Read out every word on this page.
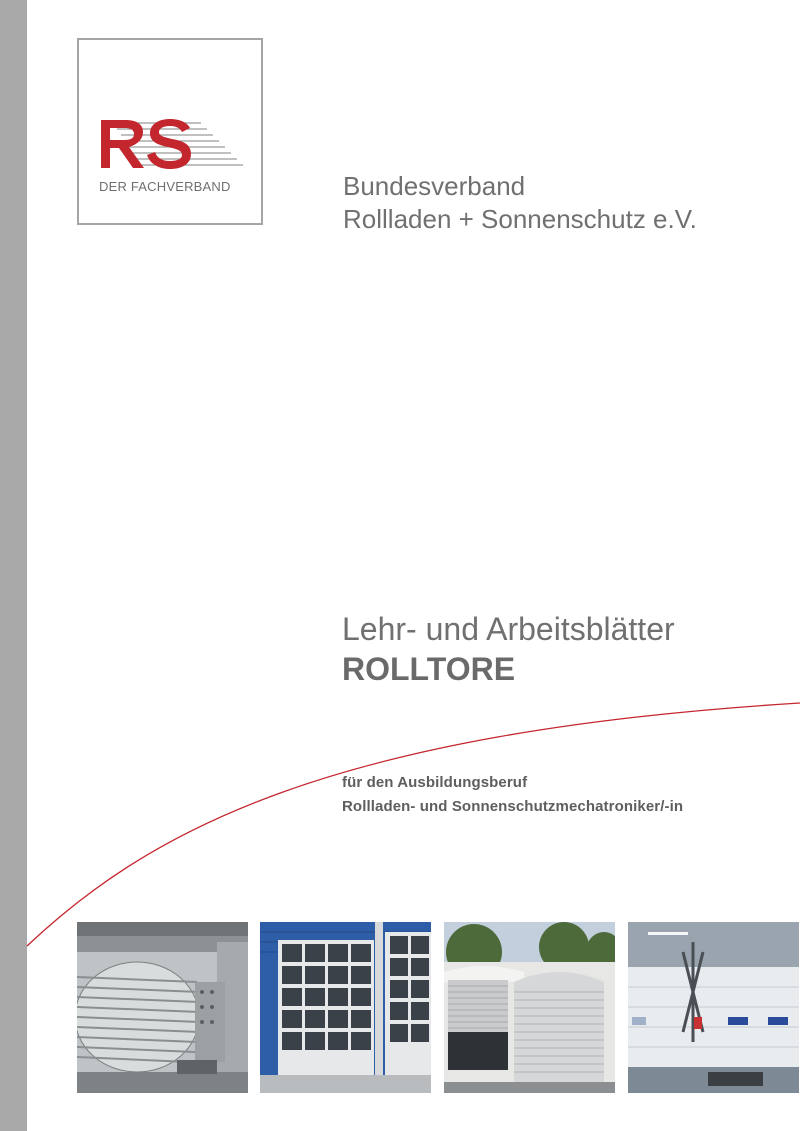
DER FACHVERBAND	Bundesverband
Rollladen + Sonnenschutz e.V.
Lehr- und Arbeitsblätter
ROLLTORE
für den Ausbildungsberuf
Rollladen- und Sonnenschutzmechatroniker/-in
